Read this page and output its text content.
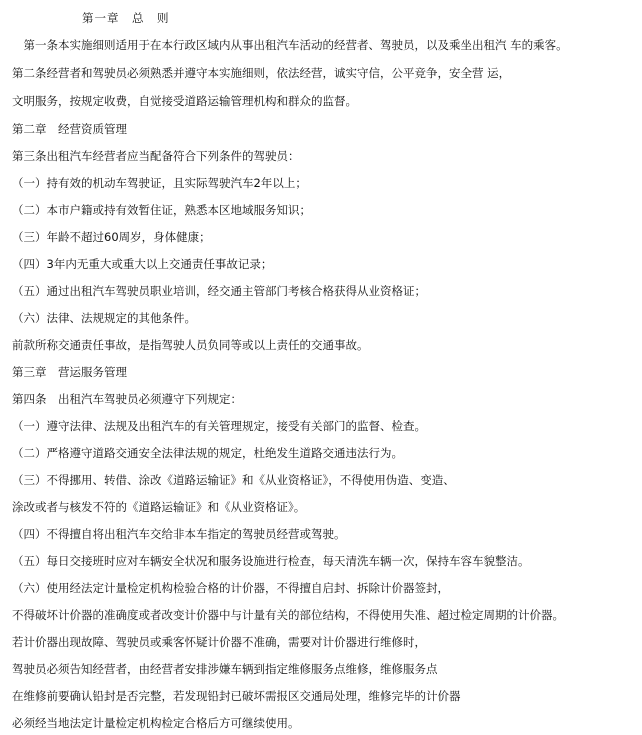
第一章　总　则
　第一条本实施细则适用于在本行政区域内从事出租汽车活动的经营者、驾驶员，以及乘坐出租汽 车的乘客。
第二条经营者和驾驶员必须熟悉并遵守本实施细则，依法经营，诚实守信，公平竞争，安全营 运，
文明服务，按规定收费，自觉接受道路运输管理机构和群众的监督。
第二章　经营资质管理
第三条出租汽车经营者应当配备符合下列条件的驾驶员：
（一）持有效的机动车驾驶证，且实际驾驶汽车2年以上；
（二）本市户籍或持有效暂住证，熟悉本区地域服务知识；
（三）年龄不超过60周岁，身体健康；
（四）3年内无重大或重大以上交通责任事故记录；
（五）通过出租汽车驾驶员职业培训，经交通主管部门考核合格获得从业资格证；
（六）法律、法规规定的其他条件。
前款所称交通责任事故，是指驾驶人员负同等或以上责任的交通事故。
第三章　营运服务管理
第四条　出租汽车驾驶员必须遵守下列规定：
（一）遵守法律、法规及出租汽车的有关管理规定，接受有关部门的监督、检查。
（二）严格遵守道路交通安全法律法规的规定，杜绝发生道路交通违法行为。
（三）不得挪用、转借、涂改《道路运输证》和《从业资格证》，不得使用伪造、变造、
涂改或者与核发不符的《道路运输证》和《从业资格证》。
（四）不得擅自将出租汽车交给非本车指定的驾驶员经营或驾驶。
（五）每日交接班时应对车辆安全状况和服务设施进行检查，每天清洗车辆一次，保持车容车貌整洁。
（六）使用经法定计量检定机构检验合格的计价器，不得擅自启封、拆除计价器签封，
不得破坏计价器的准确度或者改变计价器中与计量有关的部位结构，不得使用失准、超过检定周期的计价器。
若计价器出现故障、驾驶员或乘客怀疑计价器不准确，需要对计价器进行维修时，
驾驶员必须告知经营者，由经营者安排涉嫌车辆到指定维修服务点维修，维修服务点
在维修前要确认铅封是否完整，若发现铅封已破坏需报区交通局处理，维修完毕的计价器
必须经当地法定计量检定机构检定合格后方可继续使用。
